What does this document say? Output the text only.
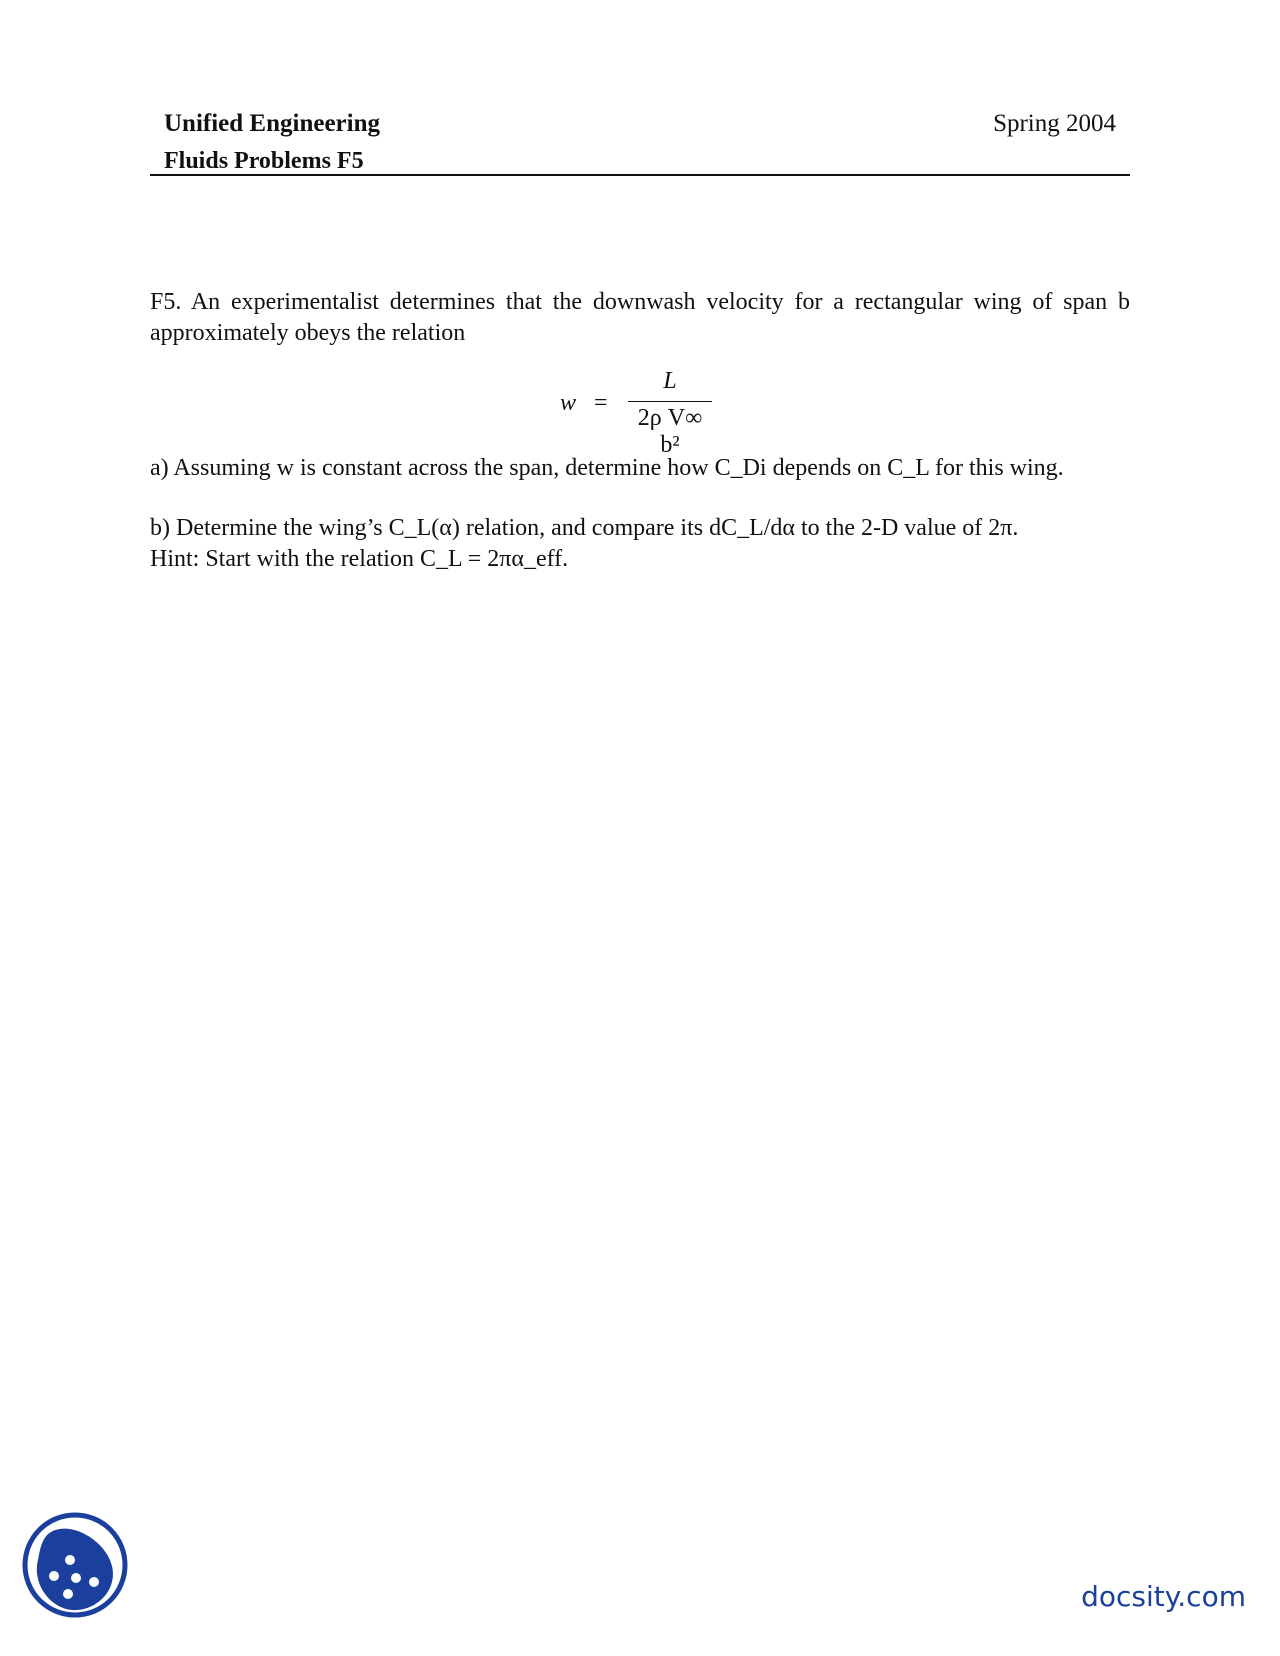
Unified Engineering
Fluids Problems F5
Spring 2004
F5. An experimentalist determines that the downwash velocity for a rectangular wing of span b approximately obeys the relation
w =
L
2ρ V∞ b²
a) Assuming w is constant across the span, determine how C_Di depends on C_L for this wing.
b) Determine the wing’s C_L(α) relation, and compare its dC_L/dα to the 2-D value of 2π.
Hint: Start with the relation C_L = 2πα_eff.
docsity.com
